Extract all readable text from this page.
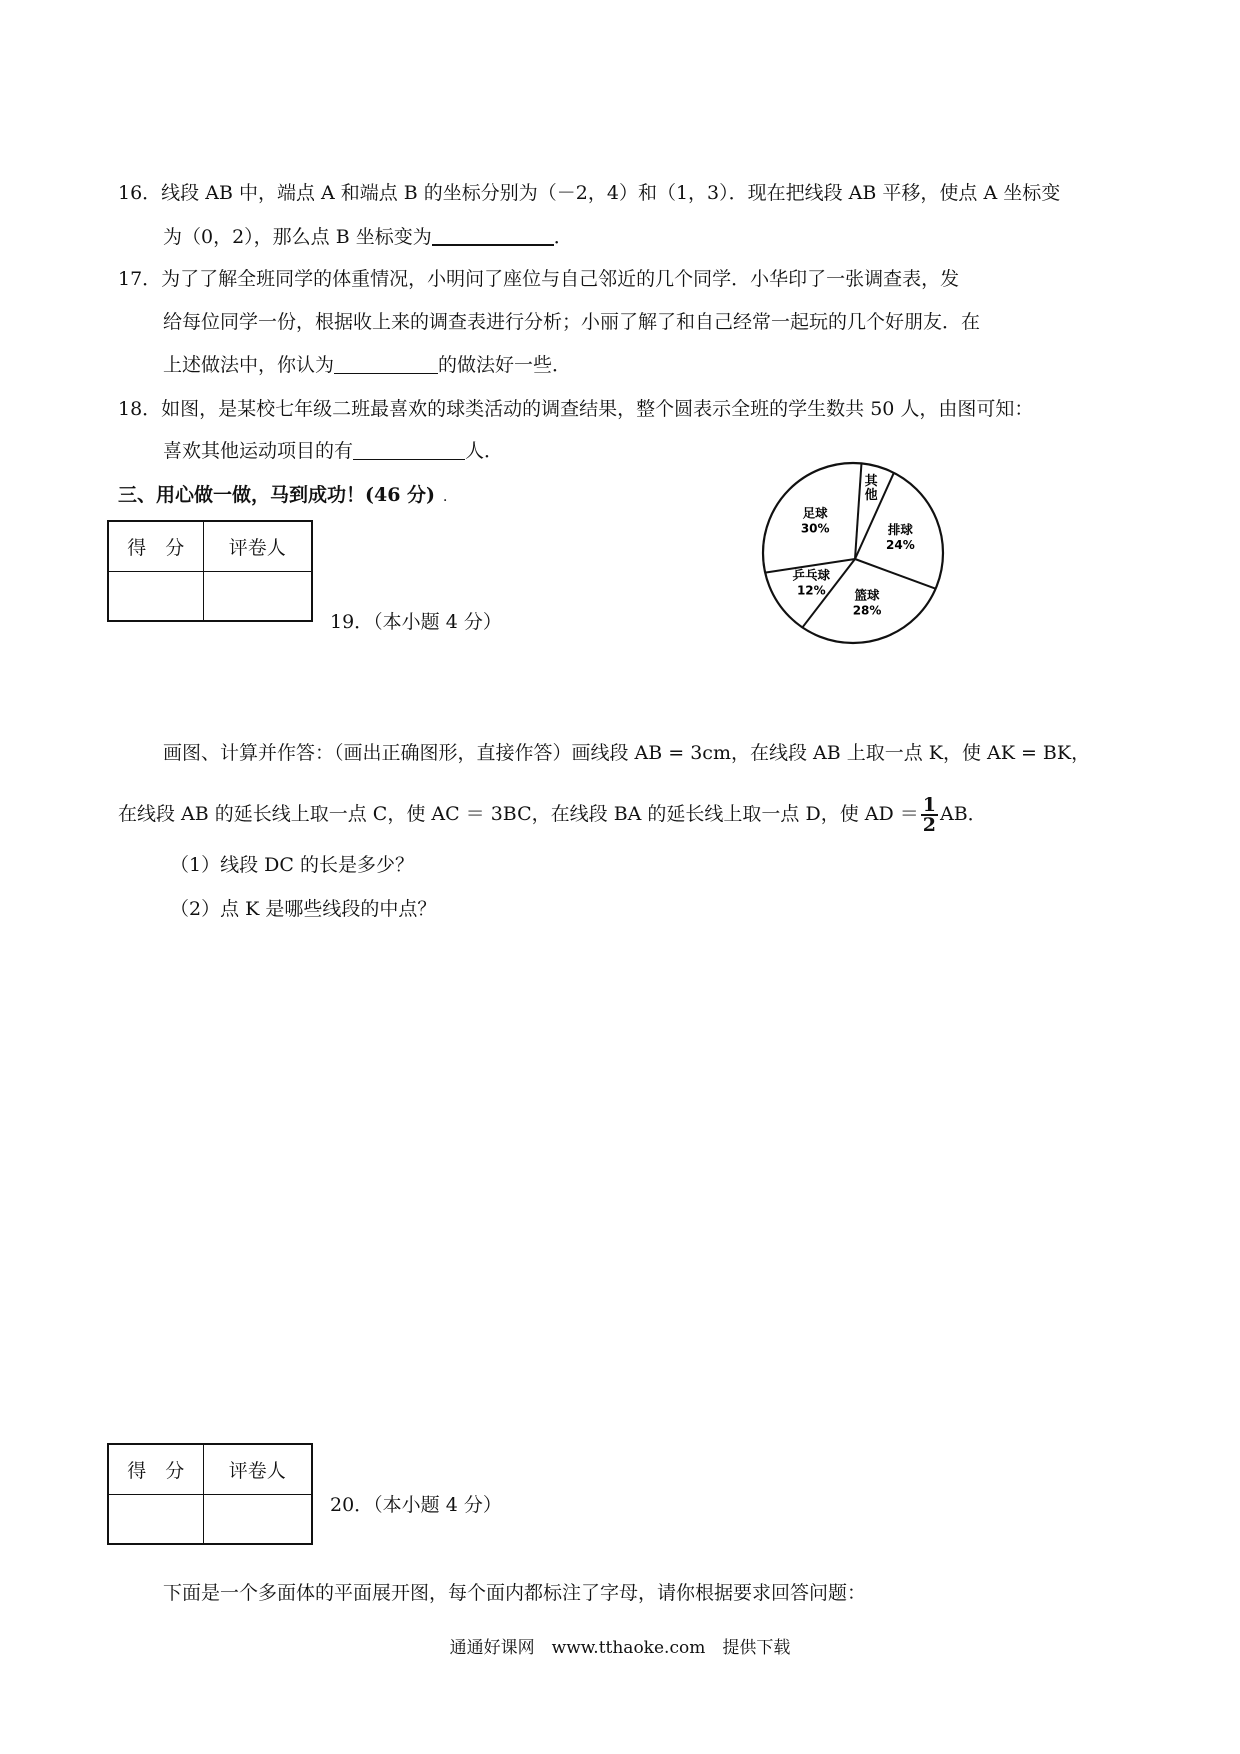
16．线段 AB 中，端点 A 和端点 B 的坐标分别为（－2，4）和（1，3）．现在把线段 AB 平移，使点 A 坐标变
为（0，2），那么点 B 坐标变为	．
17．为了了解全班同学的体重情况，小明问了座位与自己邻近的几个同学．小华印了一张调查表，发
给每位同学一份，根据收上来的调查表进行分析；小丽了解了和自己经常一起玩的几个好朋友．在
上述做法中，你认为	的做法好一些．
18．如图，是某校七年级二班最喜欢的球类活动的调查结果，整个圆表示全班的学生数共 50 人，由图可知：
喜欢其他运动项目的有	人．
三、用心做一做，马到成功！(46 分) ．
得　分	评卷人

19．（本小题 4 分）
足球
30%
其
他
排球
24%
篮球
28%
乒乓球
12%
画图、计算并作答：（画出正确图形，直接作答）画线段 AB = 3cm，在线段 AB 上取一点 K，使 AK = BK，
在线段 AB 的延长线上取一点 C，使 AC ＝ 3BC，在线段 BA 的延长线上取一点 D，使 AD ＝ $\frac{1}{2}$ AB．
（1）线段 DC 的长是多少？
（2）点 K 是哪些线段的中点？
得　分	评卷人

20．（本小题 4 分）
下面是一个多面体的平面展开图，每个面内都标注了字母，请你根据要求回答问题：
通通好课网　www.tthaoke.com　提供下载
